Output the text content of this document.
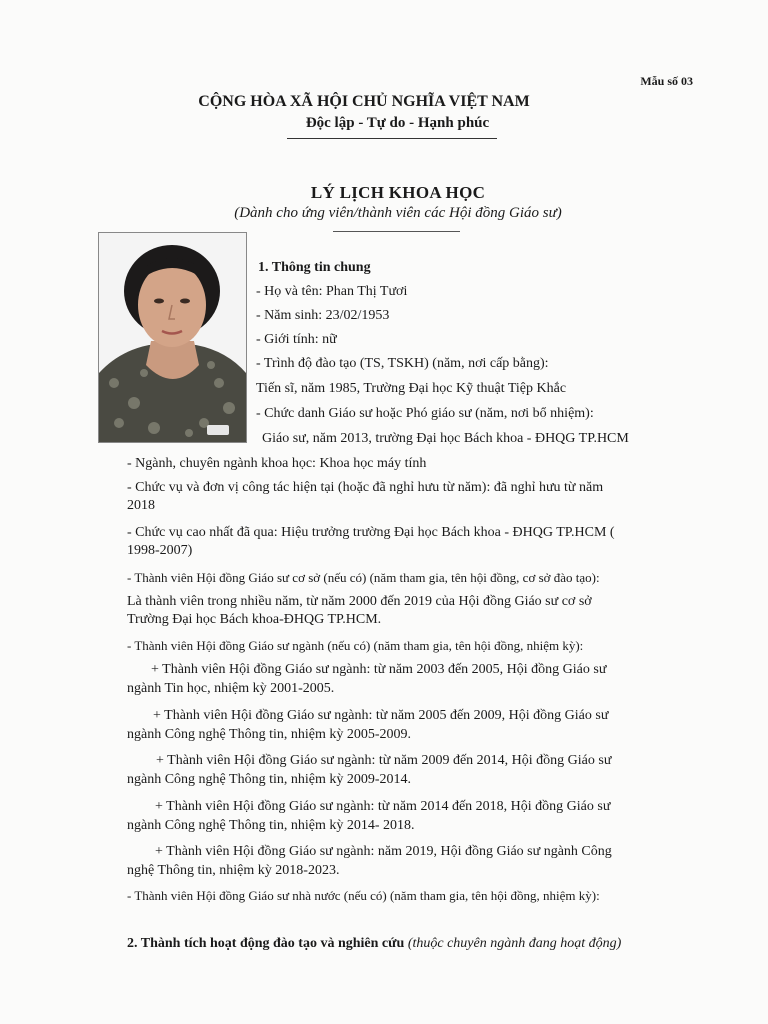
Mẫu số 03
CỘNG HÒA XÃ HỘI CHỦ NGHĨA VIỆT NAM
Độc lập - Tự do - Hạnh phúc
LÝ LỊCH KHOA HỌC
(Dành cho ứng viên/thành viên các Hội đồng Giáo sư)
1. Thông tin chung
- Họ và tên: Phan Thị Tươi
- Năm sinh: 23/02/1953
- Giới tính: nữ
- Trình độ đào tạo (TS, TSKH) (năm, nơi cấp bằng):
Tiến sĩ, năm 1985, Trường Đại học Kỹ thuật Tiệp Khắc
- Chức danh Giáo sư hoặc Phó giáo sư (năm, nơi bổ nhiệm):
Giáo sư, năm 2013, trường Đại học Bách khoa - ĐHQG TP.HCM
- Ngành, chuyên ngành khoa học: Khoa học máy tính
- Chức vụ và đơn vị công tác hiện tại (hoặc đã nghỉ hưu từ năm): đã nghỉ hưu từ năm
2018
- Chức vụ cao nhất đã qua: Hiệu trưởng trường Đại học Bách khoa - ĐHQG TP.HCM (
1998-2007)
- Thành viên Hội đồng Giáo sư cơ sở (nếu có) (năm tham gia, tên hội đồng, cơ sở đào tạo):
Là thành viên trong nhiều năm, từ năm 2000 đến 2019 của Hội đồng Giáo sư cơ sở
Trường Đại học Bách khoa-ĐHQG TP.HCM.
- Thành viên Hội đồng Giáo sư ngành (nếu có) (năm tham gia, tên hội đồng, nhiệm kỳ):
+ Thành viên Hội đồng Giáo sư ngành: từ năm 2003 đến 2005, Hội đồng Giáo sư
ngành Tin học, nhiệm kỳ 2001-2005.
+ Thành viên Hội đồng Giáo sư ngành: từ năm 2005 đến 2009, Hội đồng Giáo sư
ngành Công nghệ Thông tin, nhiệm kỳ 2005-2009.
+ Thành viên Hội đồng Giáo sư ngành: từ năm 2009 đến 2014, Hội đồng Giáo sư
ngành Công nghệ Thông tin, nhiệm kỳ 2009-2014.
+ Thành viên Hội đồng Giáo sư ngành: từ năm 2014 đến 2018, Hội đồng Giáo sư
ngành Công nghệ Thông tin, nhiệm kỳ 2014- 2018.
+ Thành viên Hội đồng Giáo sư ngành: năm 2019, Hội đồng Giáo sư ngành Công
nghệ Thông tin, nhiệm kỳ 2018-2023.
- Thành viên Hội đồng Giáo sư nhà nước (nếu có) (năm tham gia, tên hội đồng, nhiệm kỳ):
2. Thành tích hoạt động đào tạo và nghiên cứu (thuộc chuyên ngành đang hoạt động)
